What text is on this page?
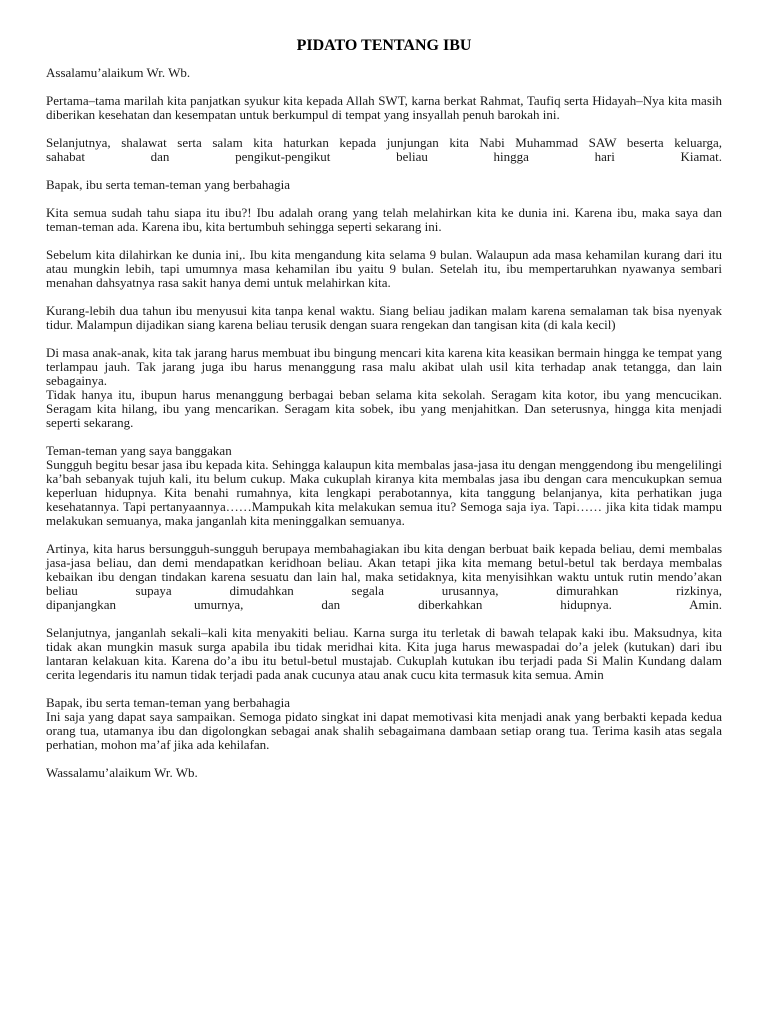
PIDATO TENTANG IBU
Assalamu’alaikum Wr. Wb.
Pertama–tama marilah kita panjatkan syukur kita kepada Allah SWT, karna berkat Rahmat, Taufiq serta Hidayah–Nya kita masih diberikan kesehatan dan kesempatan untuk berkumpul di tempat yang insyallah penuh barokah ini.
Selanjutnya, shalawat serta salam kita haturkan kepada junjungan kita Nabi Muhammad SAW beserta keluarga,
sahabat dan pengikut-pengikut beliau hingga hari Kiamat.
Bapak, ibu serta teman-teman yang berbahagia
Kita semua sudah tahu siapa itu ibu?! Ibu adalah orang yang telah melahirkan kita ke dunia ini. Karena ibu, maka saya dan teman-teman ada. Karena ibu, kita bertumbuh sehingga seperti sekarang ini.
Sebelum kita dilahirkan ke dunia ini,. Ibu kita mengandung kita selama 9 bulan. Walaupun ada masa kehamilan kurang dari itu atau mungkin lebih, tapi umumnya masa kehamilan ibu yaitu 9 bulan. Setelah itu, ibu mempertaruhkan nyawanya sembari menahan dahsyatnya rasa sakit hanya demi untuk melahirkan kita.
Kurang-lebih dua tahun ibu menyusui kita tanpa kenal waktu. Siang beliau jadikan malam karena semalaman tak bisa nyenyak tidur. Malampun dijadikan siang karena beliau terusik dengan suara rengekan dan tangisan kita (di kala kecil)
Di masa anak-anak, kita tak jarang harus membuat ibu bingung mencari kita karena kita keasikan bermain hingga ke tempat yang terlampau jauh. Tak jarang juga ibu harus menanggung rasa malu akibat ulah usil kita terhadap anak tetangga, dan lain sebagainya.
Tidak hanya itu, ibupun harus menanggung berbagai beban selama kita sekolah. Seragam kita kotor, ibu yang mencucikan. Seragam kita hilang, ibu yang mencarikan. Seragam kita sobek, ibu yang menjahitkan. Dan seterusnya, hingga kita menjadi seperti sekarang.
Teman-teman yang saya banggakan
Sungguh begitu besar jasa ibu kepada kita. Sehingga kalaupun kita membalas jasa-jasa itu dengan menggendong ibu mengelilingi ka’bah sebanyak tujuh kali, itu belum cukup. Maka cukuplah kiranya kita membalas jasa ibu dengan cara mencukupkan semua keperluan hidupnya. Kita benahi rumahnya, kita lengkapi perabotannya, kita tanggung belanjanya, kita perhatikan juga kesehatannya. Tapi pertanyaannya……Mampukah kita melakukan semua itu? Semoga saja iya. Tapi…… jika kita tidak mampu melakukan semuanya, maka janganlah kita meninggalkan semuanya.
Artinya, kita harus bersungguh-sungguh berupaya membahagiakan ibu kita dengan berbuat baik kepada beliau, demi membalas jasa-jasa beliau, dan demi mendapatkan keridhoan beliau. Akan tetapi jika kita memang betul-betul tak berdaya membalas kebaikan ibu dengan tindakan karena sesuatu dan lain hal, maka setidaknya, kita menyisihkan waktu untuk rutin mendo’akan beliau supaya dimudahkan segala urusannya, dimurahkan rizkinya,
dipanjangkan umurnya, dan diberkahkan hidupnya. Amin.
Selanjutnya, janganlah sekali–kali kita menyakiti beliau. Karna surga itu terletak di bawah telapak kaki ibu. Maksudnya, kita tidak akan mungkin masuk surga apabila ibu tidak meridhai kita. Kita juga harus mewaspadai do’a jelek (kutukan) dari ibu lantaran kelakuan kita. Karena do’a ibu itu betul-betul mustajab. Cukuplah kutukan ibu terjadi pada Si Malin Kundang dalam cerita legendaris itu namun tidak terjadi pada anak cucunya atau anak cucu kita termasuk kita semua. Amin
Bapak, ibu serta teman-teman yang berbahagia
Ini saja yang dapat saya sampaikan. Semoga pidato singkat ini dapat memotivasi kita menjadi anak yang berbakti kepada kedua orang tua, utamanya ibu dan digolongkan sebagai anak shalih sebagaimana dambaan setiap orang tua. Terima kasih atas segala perhatian, mohon ma’af jika ada kehilafan.
Wassalamu’alaikum Wr. Wb.
